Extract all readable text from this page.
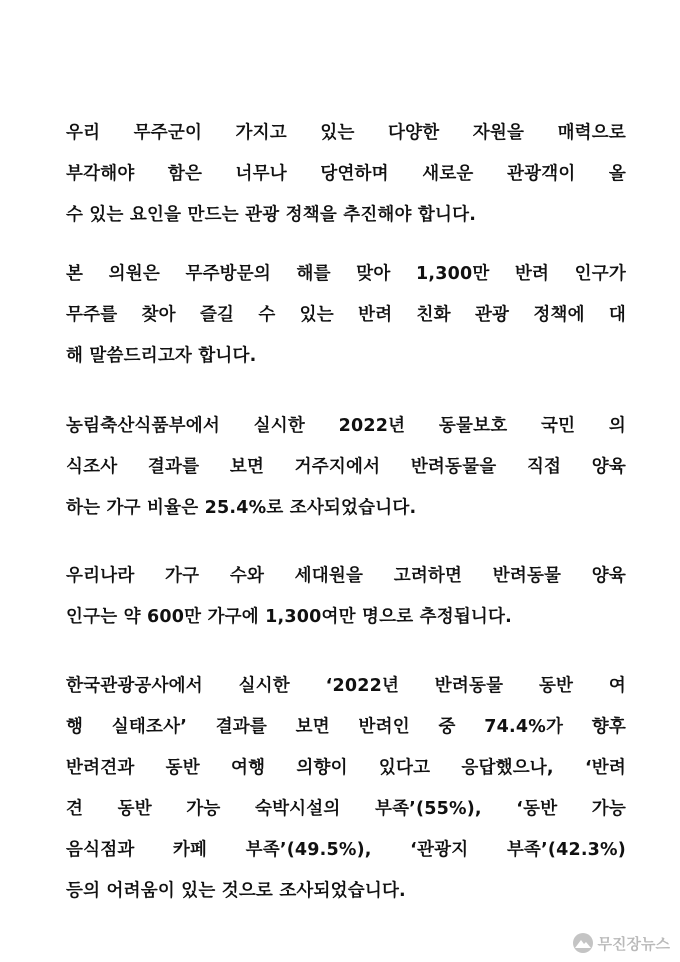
우리 무주군이 가지고 있는 다양한 자원을 매력으로
부각해야 함은 너무나 당연하며 새로운 관광객이 올
수 있는 요인을 만드는 관광 정책을 추진해야 합니다.
본 의원은 무주방문의 해를 맞아 1,300만 반려 인구가
무주를 찾아 즐길 수 있는 반려 친화 관광 정책에 대
해 말씀드리고자 합니다.
농림축산식품부에서 실시한 2022년 동물보호 국민 의
식조사 결과를 보면 거주지에서 반려동물을 직접 양육
하는 가구 비율은 25.4%로 조사되었습니다.
우리나라 가구 수와 세대원을 고려하면 반려동물 양육
인구는 약 600만 가구에 1,300여만 명으로 추정됩니다.
한국관광공사에서 실시한 ‘2022년 반려동물 동반 여
행 실태조사’ 결과를 보면 반려인 중 74.4%가 향후
반려견과 동반 여행 의향이 있다고 응답했으나, ‘반려
견 동반 가능 숙박시설의 부족’(55%), ‘동반 가능
음식점과 카페 부족’(49.5%), ‘관광지 부족’(42.3%)
등의 어려움이 있는 것으로 조사되었습니다.
무진장뉴스
